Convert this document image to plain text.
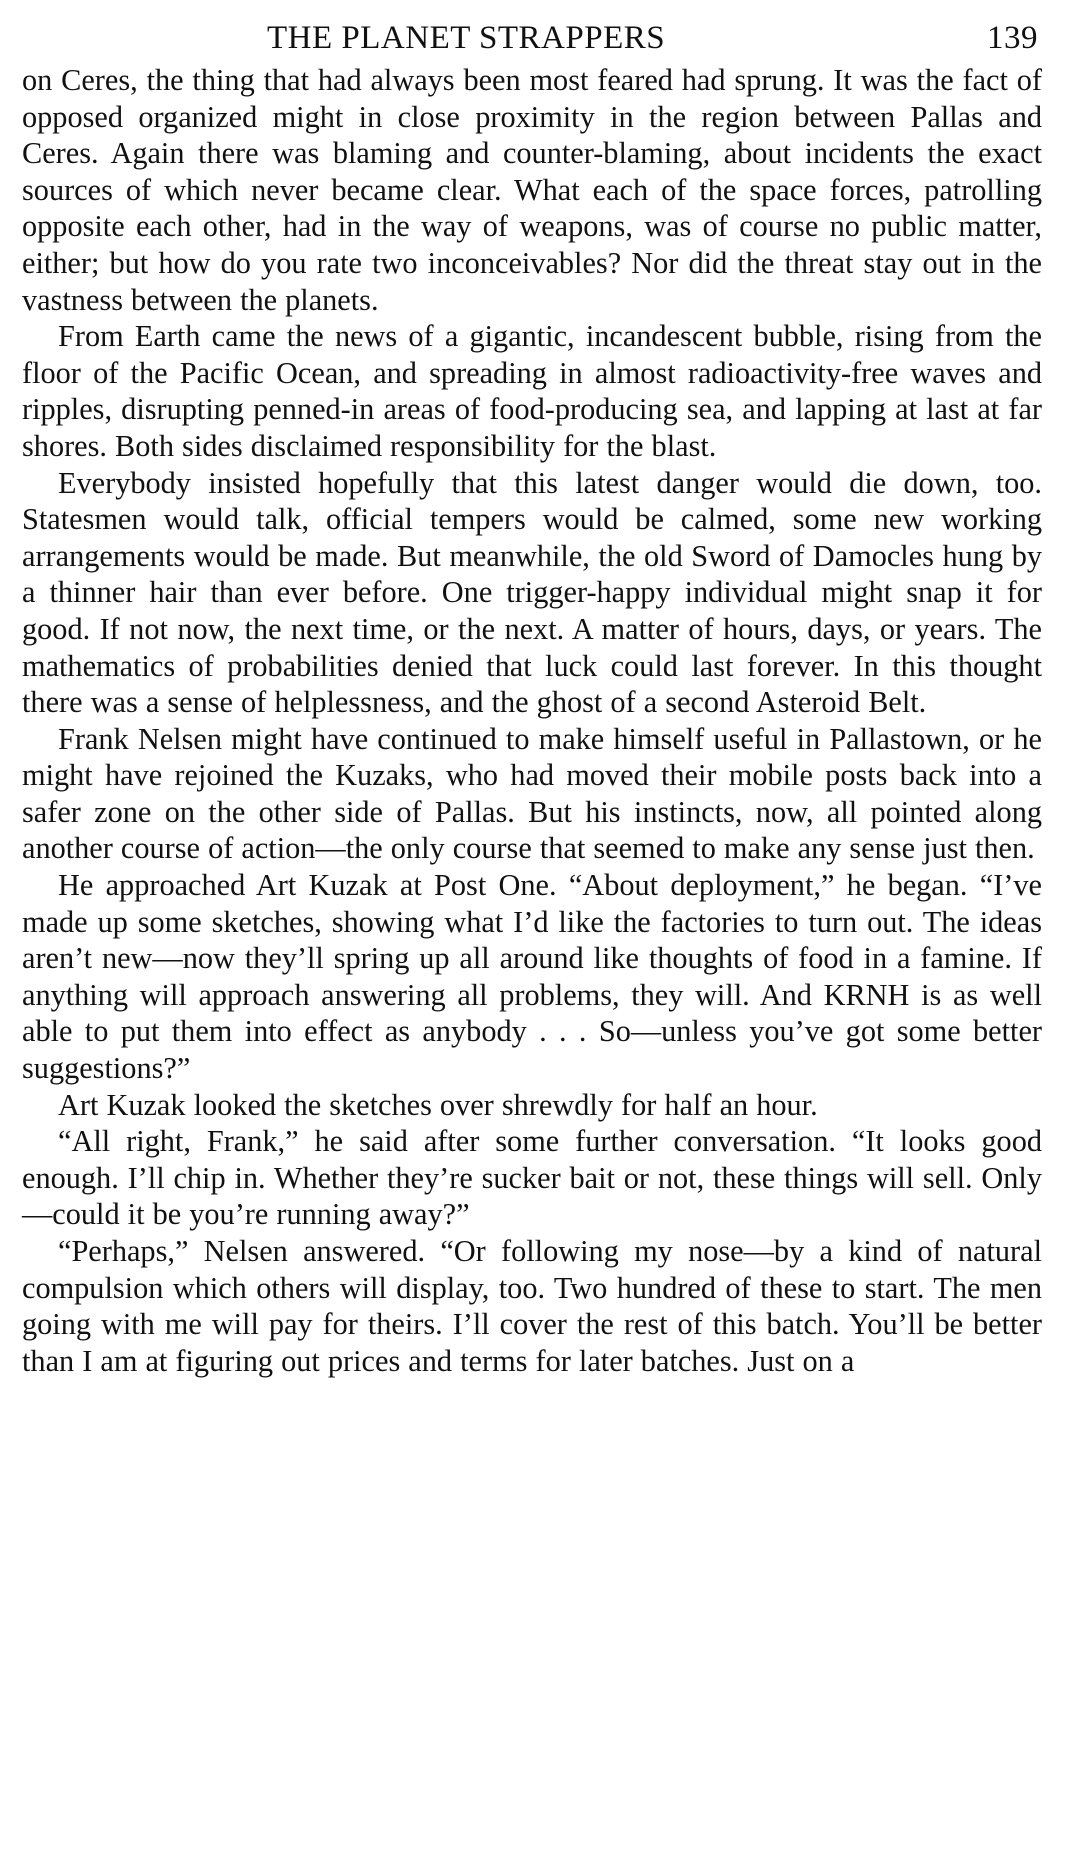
THE PLANET STRAPPERS	139

on Ceres, the thing that had always been most feared had sprung. It was the fact of opposed organized might in close proximity in the region between Pallas and Ceres. Again there was blaming and counter-blaming, about incidents the exact sources of which never became clear. What each of the space forces, patrolling opposite each other, had in the way of weapons, was of course no public matter, either; but how do you rate two inconceivables? Nor did the threat stay out in the vastness between the planets.

From Earth came the news of a gigantic, incandescent bubble, rising from the floor of the Pacific Ocean, and spreading in almost radioactivity-free waves and ripples, disrupting penned-in areas of food-producing sea, and lapping at last at far shores. Both sides disclaimed responsibility for the blast.

Everybody insisted hopefully that this latest danger would die down, too. Statesmen would talk, official tempers would be calmed, some new working arrangements would be made. But meanwhile, the old Sword of Damocles hung by a thinner hair than ever before. One trigger-happy individual might snap it for good. If not now, the next time, or the next. A matter of hours, days, or years. The mathematics of probabilities denied that luck could last forever. In this thought there was a sense of helplessness, and the ghost of a second Asteroid Belt.

Frank Nelsen might have continued to make himself useful in Pallastown, or he might have rejoined the Kuzaks, who had moved their mobile posts back into a safer zone on the other side of Pallas. But his instincts, now, all pointed along another course of action—the only course that seemed to make any sense just then.

He approached Art Kuzak at Post One. “About deployment,” he began. “I’ve made up some sketches, showing what I’d like the factories to turn out. The ideas aren’t new—now they’ll spring up all around like thoughts of food in a famine. If anything will approach answering all problems, they will. And KRNH is as well able to put them into effect as anybody . . . So—unless you’ve got some better suggestions?”

Art Kuzak looked the sketches over shrewdly for half an hour.

“All right, Frank,” he said after some further conversation. “It looks good enough. I’ll chip in. Whether they’re sucker bait or not, these things will sell. Only—could it be you’re running away?”

“Perhaps,” Nelsen answered. “Or following my nose—by a kind of natural compulsion which others will display, too. Two hundred of these to start. The men going with me will pay for theirs. I’ll cover the rest of this batch. You’ll be better than I am at figuring out prices and terms for later batches. Just on a
